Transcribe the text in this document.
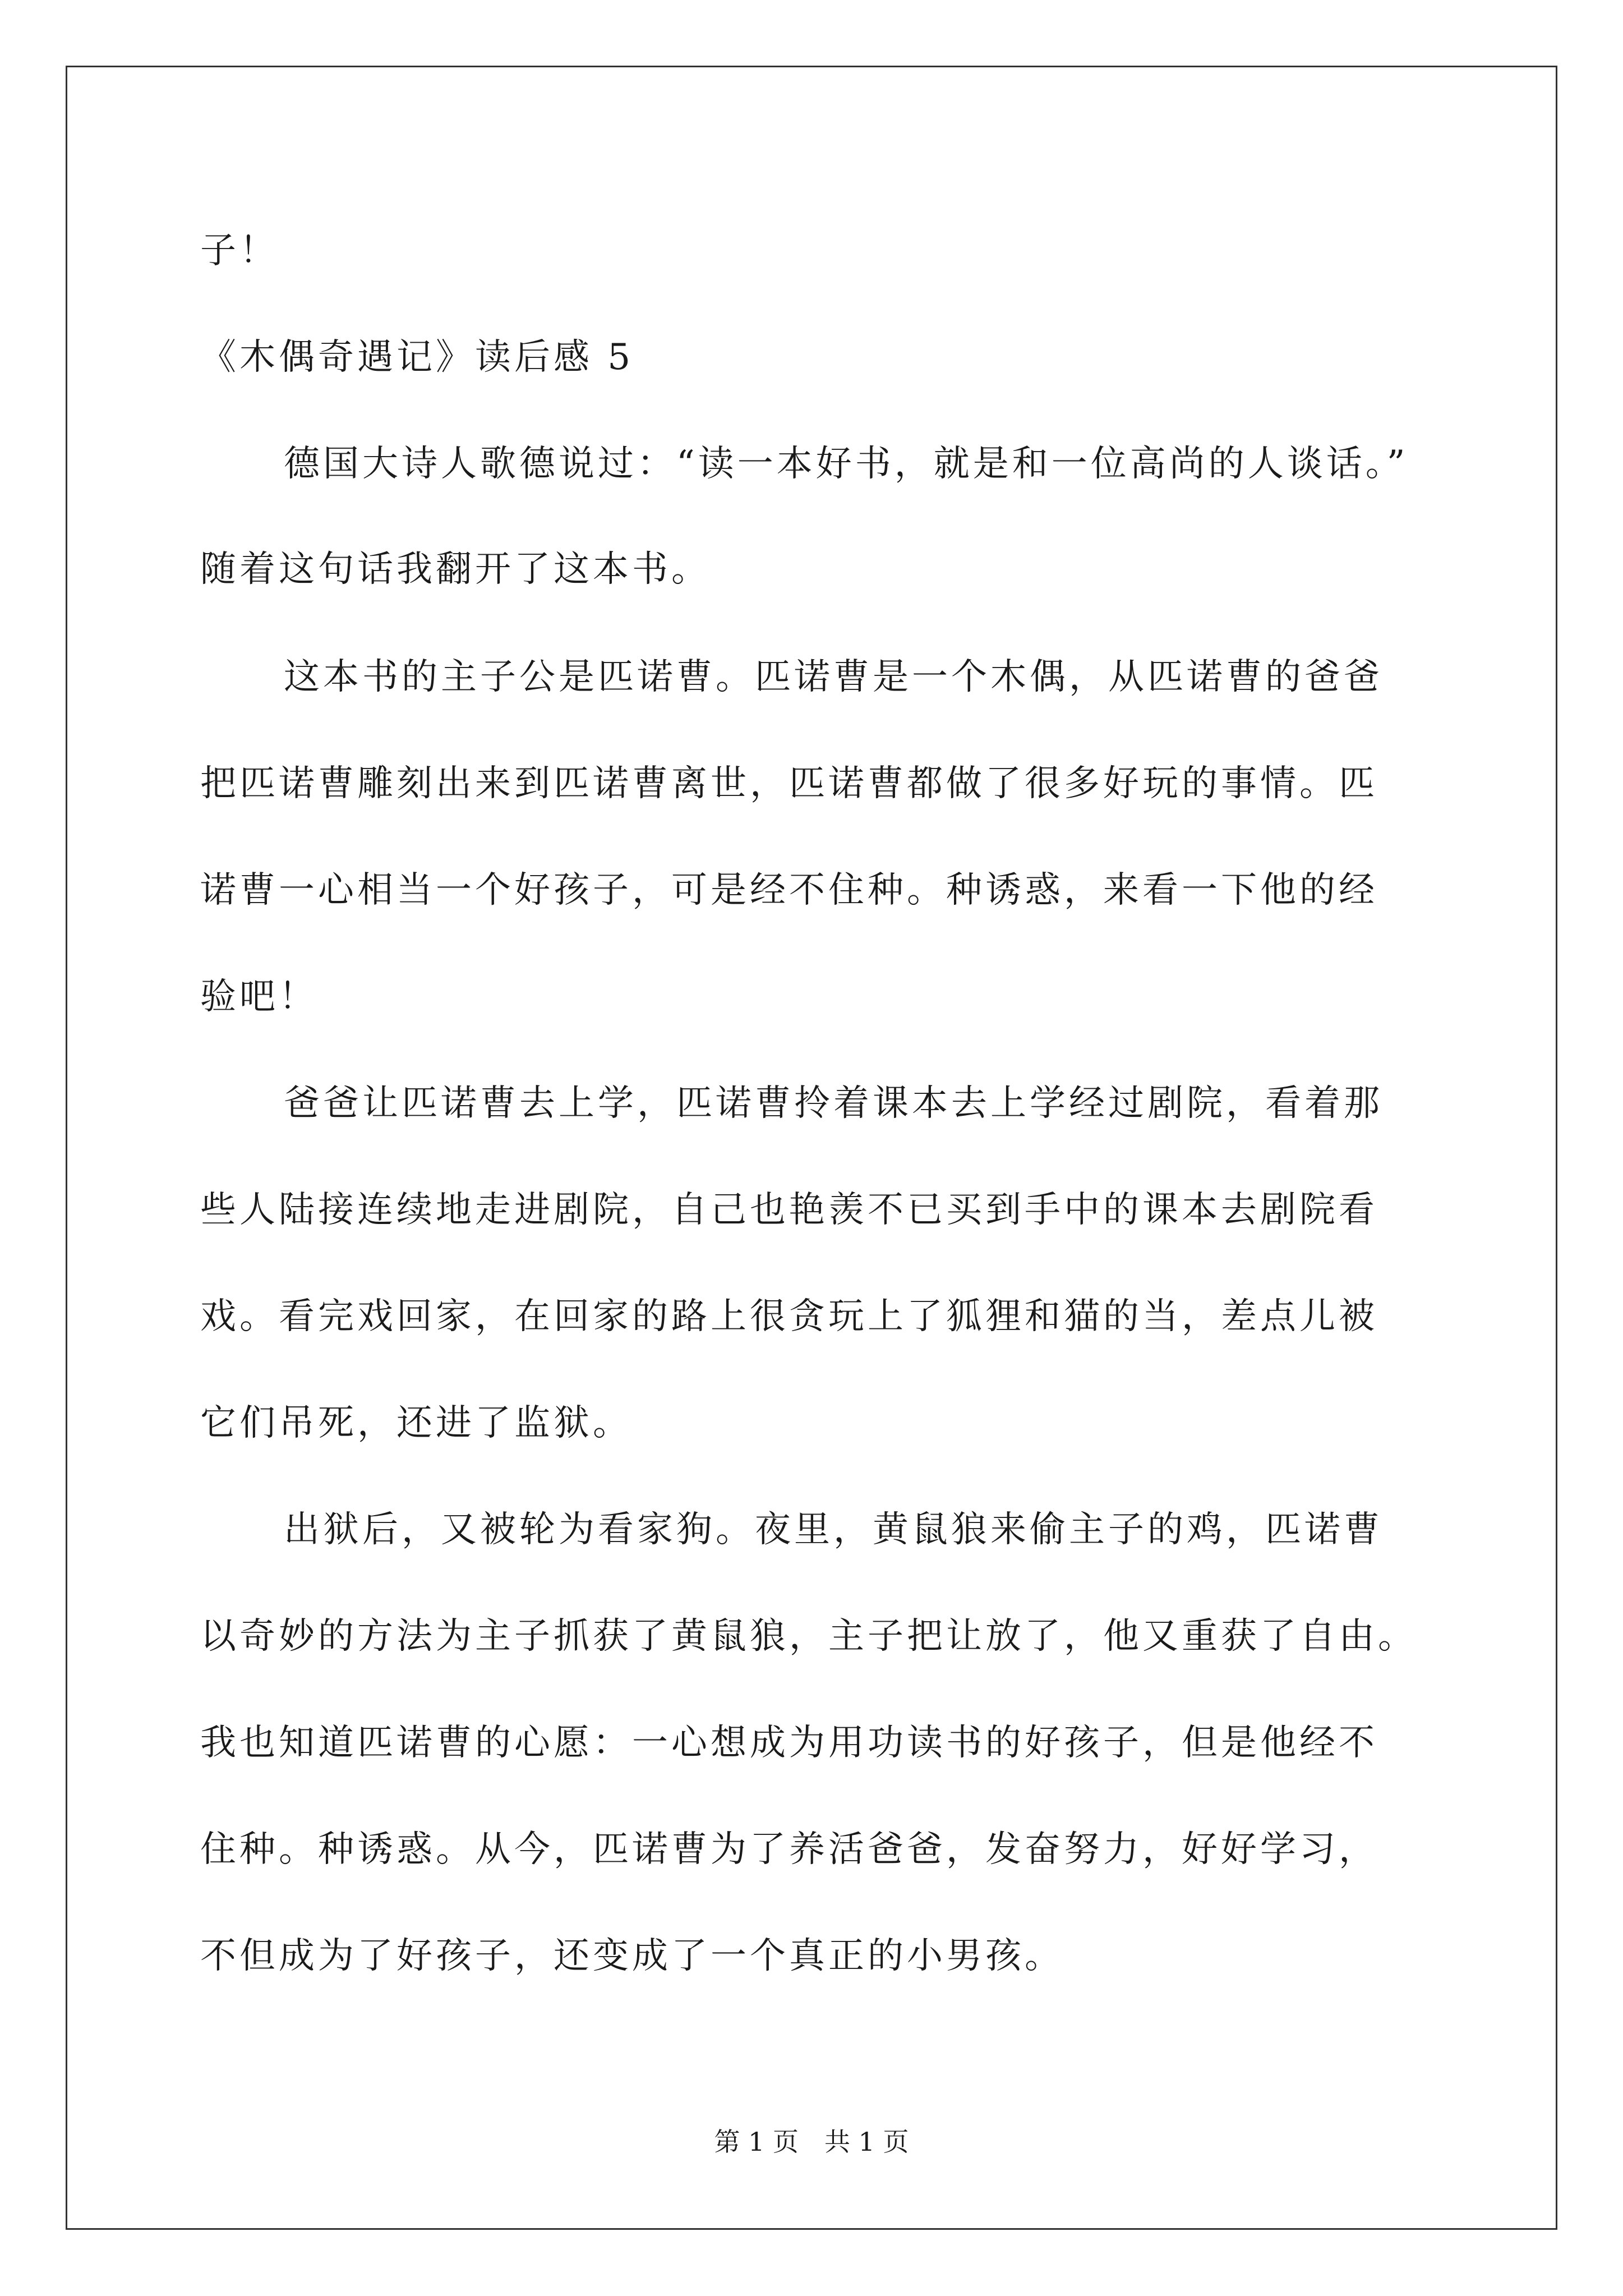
子！
《木偶奇遇记》读后感 5
德国大诗人歌德说过：“读一本好书，就是和一位高尚的人谈话。”
随着这句话我翻开了这本书。
这本书的主子公是匹诺曹。匹诺曹是一个木偶，从匹诺曹的爸爸
把匹诺曹雕刻出来到匹诺曹离世，匹诺曹都做了很多好玩的事情。匹
诺曹一心相当一个好孩子，可是经不住种。种诱惑，来看一下他的经
验吧！
爸爸让匹诺曹去上学，匹诺曹拎着课本去上学经过剧院，看着那
些人陆接连续地走进剧院，自己也艳羡不已买到手中的课本去剧院看
戏。看完戏回家，在回家的路上很贪玩上了狐狸和猫的当，差点儿被
它们吊死，还进了监狱。
出狱后，又被轮为看家狗。夜里，黄鼠狼来偷主子的鸡，匹诺曹
以奇妙的方法为主子抓获了黄鼠狼，主子把让放了，他又重获了自由。
我也知道匹诺曹的心愿：一心想成为用功读书的好孩子，但是他经不
住种。种诱惑。从今，匹诺曹为了养活爸爸，发奋努力，好好学习，
不但成为了好孩子，还变成了一个真正的小男孩。
第 1 页　共 1 页
